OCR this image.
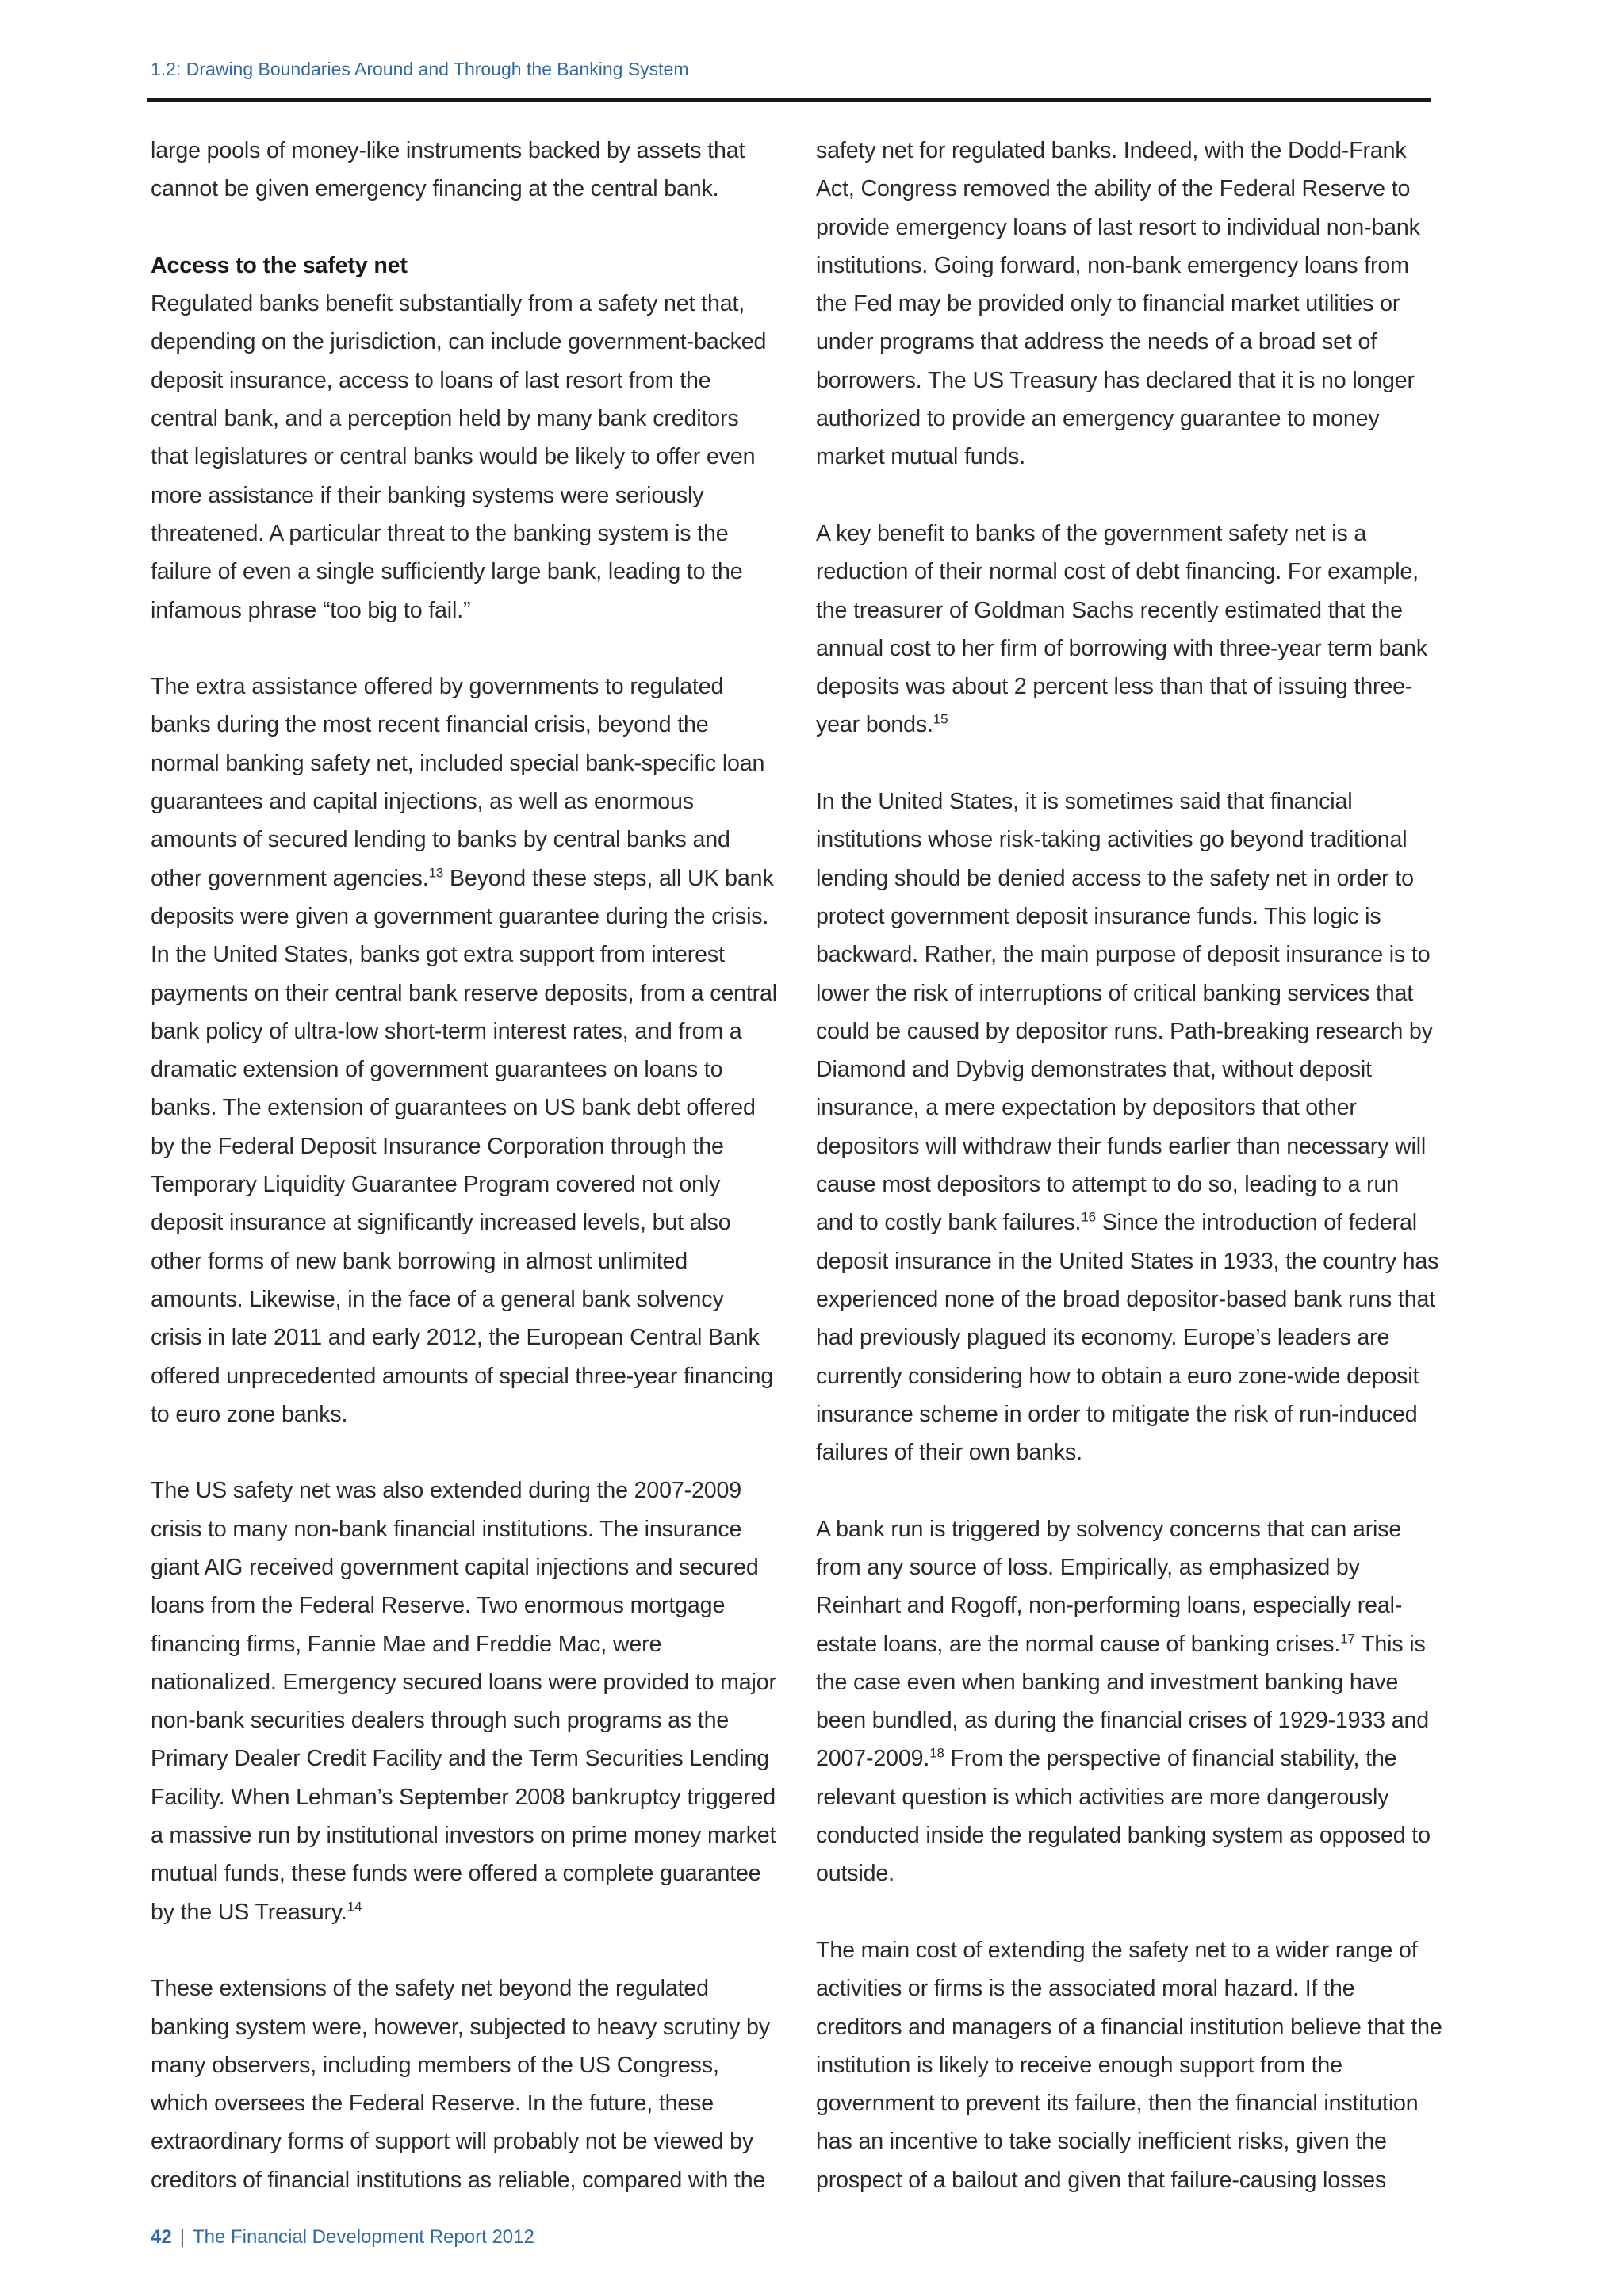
1.2: Drawing Boundaries Around and Through the Banking System

large pools of money-like instruments backed by assets that cannot be given emergency financing at the central bank.

Access to the safety net

Regulated banks benefit substantially from a safety net that, depending on the jurisdiction, can include government-backed deposit insurance, access to loans of last resort from the central bank, and a perception held by many bank creditors that legislatures or central banks would be likely to offer even more assistance if their banking systems were seriously threatened. A particular threat to the banking system is the failure of even a single sufficiently large bank, leading to the infamous phrase “too big to fail.”

The extra assistance offered by governments to regulated banks during the most recent financial crisis, beyond the normal banking safety net, included special bank-specific loan guarantees and capital injections, as well as enormous amounts of secured lending to banks by central banks and other government agencies.$^{13}$ Beyond these steps, all UK bank deposits were given a government guarantee during the crisis. In the United States, banks got extra support from interest payments on their central bank reserve deposits, from a central bank policy of ultra-low short-term interest rates, and from a dramatic extension of government guarantees on loans to banks. The extension of guarantees on US bank debt offered by the Federal Deposit Insurance Corporation through the Temporary Liquidity Guarantee Program covered not only deposit insurance at significantly increased levels, but also other forms of new bank borrowing in almost unlimited amounts. Likewise, in the face of a general bank solvency crisis in late 2011 and early 2012, the European Central Bank offered unprecedented amounts of special three-year financing to euro zone banks.

The US safety net was also extended during the 2007-2009 crisis to many non-bank financial institutions. The insurance giant AIG received government capital injections and secured loans from the Federal Reserve. Two enormous mortgage financing firms, Fannie Mae and Freddie Mac, were nationalized. Emergency secured loans were provided to major non-bank securities dealers through such programs as the Primary Dealer Credit Facility and the Term Securities Lending Facility. When Lehman’s September 2008 bankruptcy triggered a massive run by institutional investors on prime money market mutual funds, these funds were offered a complete guarantee by the US Treasury.$^{14}$

These extensions of the safety net beyond the regulated banking system were, however, subjected to heavy scrutiny by many observers, including members of the US Congress, which oversees the Federal Reserve. In the future, these extraordinary forms of support will probably not be viewed by creditors of financial institutions as reliable, compared with the

safety net for regulated banks. Indeed, with the Dodd-Frank Act, Congress removed the ability of the Federal Reserve to provide emergency loans of last resort to individual non-bank institutions. Going forward, non-bank emergency loans from the Fed may be provided only to financial market utilities or under programs that address the needs of a broad set of borrowers. The US Treasury has declared that it is no longer authorized to provide an emergency guarantee to money market mutual funds.

A key benefit to banks of the government safety net is a reduction of their normal cost of debt financing. For example, the treasurer of Goldman Sachs recently estimated that the annual cost to her firm of borrowing with three-year term bank deposits was about 2 percent less than that of issuing three-year bonds.$^{15}$

In the United States, it is sometimes said that financial institutions whose risk-taking activities go beyond traditional lending should be denied access to the safety net in order to protect government deposit insurance funds. This logic is backward. Rather, the main purpose of deposit insurance is to lower the risk of interruptions of critical banking services that could be caused by depositor runs. Path-breaking research by Diamond and Dybvig demonstrates that, without deposit insurance, a mere expectation by depositors that other depositors will withdraw their funds earlier than necessary will cause most depositors to attempt to do so, leading to a run and to costly bank failures.$^{16}$ Since the introduction of federal deposit insurance in the United States in 1933, the country has experienced none of the broad depositor-based bank runs that had previously plagued its economy. Europe’s leaders are currently considering how to obtain a euro zone-wide deposit insurance scheme in order to mitigate the risk of run-induced failures of their own banks.

A bank run is triggered by solvency concerns that can arise from any source of loss. Empirically, as emphasized by Reinhart and Rogoff, non-performing loans, especially real-estate loans, are the normal cause of banking crises.$^{17}$ This is the case even when banking and investment banking have been bundled, as during the financial crises of 1929-1933 and 2007-2009.18 From the perspective of financial stability, the relevant question is which activities are more dangerously conducted inside the regulated banking system as opposed to outside.

The main cost of extending the safety net to a wider range of activities or firms is the associated moral hazard. If the creditors and managers of a financial institution believe that the institution is likely to receive enough support from the government to prevent its failure, then the financial institution has an incentive to take socially inefficient risks, given the prospect of a bailout and given that failure-causing losses

42 | The Financial Development Report 2012
